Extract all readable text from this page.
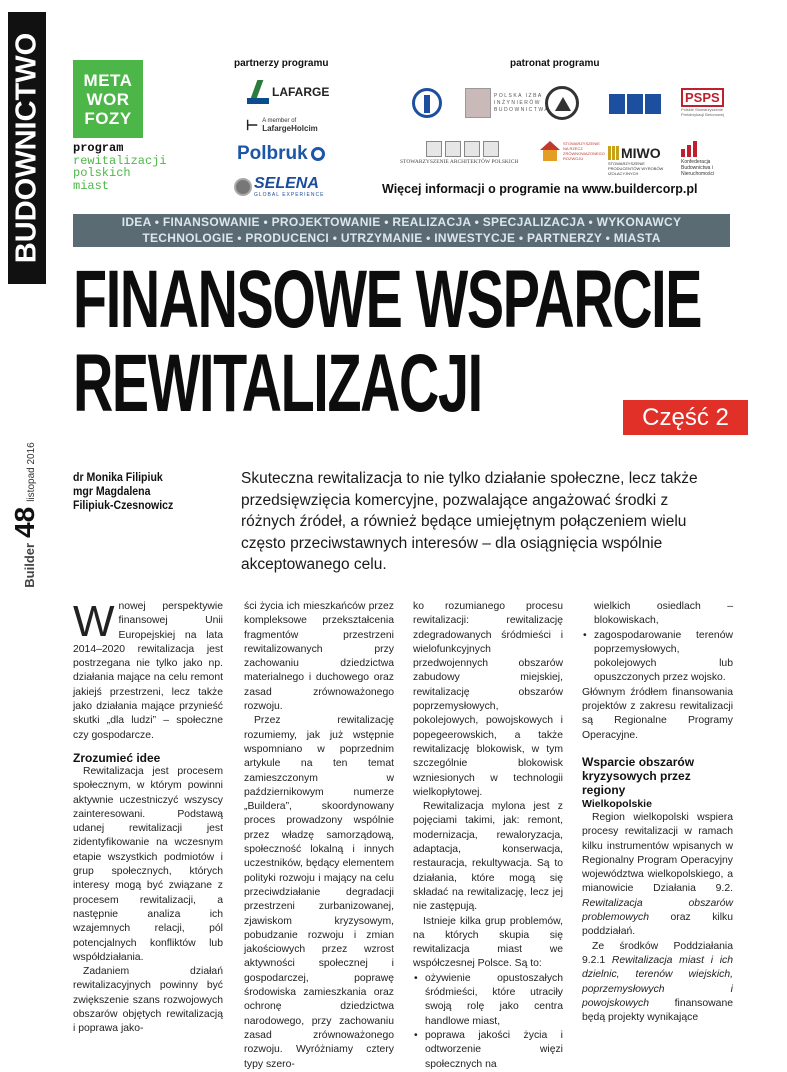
BUDOWNICTWO
Builder
48
listopad 2016
META
WOR
FOZY
program
rewitalizacji
polskich
miast
partnerzy programu
LAFARGE
⊢ A member of
LafargeHolcim
Polbruk
SELENA
GLOBAL EXPERIENCE
patronat programu
POLSKA IZBA INŻYNIERÓW BUDOWNICTWA
PSPS
Polskie Stowarzyszenie Prefabrykacji Betonowej
STOWARZYSZENIE ARCHITEKTÓW POLSKICH
STOWARZYSZENIE NA RZECZ ZRÓWNOWAŻONEGO ROZWOJU	MIWO
STOWARZYSZENIE PRODUCENTÓW WYROBÓW IZOLACYJNYCH
Konfederacja Budownictwa i Nieruchomości
Więcej informacji o programie na www.buildercorp.pl
IDEA • FINANSOWANIE • PROJEKTOWANIE • REALIZACJA • SPECJALIZACJA • WYKONAWCY
TECHNOLOGIE • PRODUCENCI • UTRZYMANIE • INWESTYCJE • PARTNERZY • MIASTA
FINANSOWE WSPARCIE
REWITALIZACJI	Część 2
dr Monika Filipiuk
mgr Magdalena
Filipiuk-Czesnowicz
Skuteczna rewitalizacja to nie tylko działanie społeczne, lecz także przedsięwzięcia komercyjne, pozwalające angażować środki z różnych źródeł, a również będące umiejętnym połączeniem wielu często przeciwstawnych interesów – dla osiągnięcia wspólnie akceptowanego celu.

Wnowej perspektywie finansowej Unii Europejskiej na lata 2014–2020 rewitalizacja jest postrzegana nie tylko jako np. działania mające na celu remont jakiejś przestrzeni, lecz także jako działania mające przynieść skutki „dla ludzi” – społeczne czy gospodarcze.

Zrozumieć idee

Rewitalizacja jest procesem społecznym, w którym powinni aktywnie uczestniczyć wszyscy zainteresowani. Podstawą udanej rewitalizacji jest zidentyfikowanie na wczesnym etapie wszystkich podmiotów i grup społecznych, których interesy mogą być związane z procesem rewitalizacji, a następnie analiza ich wzajemnych relacji, pól potencjalnych konfliktów lub współdziałania.

Zadaniem działań rewitalizacyjnych powinny być zwiększenie szans rozwojowych obszarów objętych rewitalizacją i poprawa jako-

ści życia ich mieszkańców przez kompleksowe przekształcenia fragmentów przestrzeni rewitalizowanych przy zachowaniu dziedzictwa materialnego i duchowego oraz zasad zrównoważonego rozwoju.

Przez rewitalizację rozumiemy, jak już wstępnie wspomniano w poprzednim artykule na ten temat zamieszczonym w październikowym numerze „Buildera”, skoordynowany proces prowadzony wspólnie przez władzę samorządową, społeczność lokalną i innych uczestników, będący elementem polityki rozwoju i mający na celu przeciwdziałanie degradacji przestrzeni zurbanizowanej, zjawiskom kryzysowym, pobudzanie rozwoju i zmian jakościowych przez wzrost aktywności społecznej i gospodarczej, poprawę środowiska zamieszkania oraz ochronę dziedzictwa narodowego, przy zachowaniu zasad zrównoważonego rozwoju. Wyróżniamy cztery typy szero-

ko rozumianego procesu rewitalizacji: rewitalizację zdegradowanych śródmieści i wielofunkcyjnych przedwojennych obszarów zabudowy miejskiej, rewitalizację obszarów poprzemysłowych, pokolejowych, powojskowych i popegeerowskich, a także rewitalizację blokowisk, w tym szczególnie blokowisk wzniesionych w technologii wielkopłytowej.

Rewitalizacja mylona jest z pojęciami takimi, jak: remont, modernizacja, rewaloryzacja, adaptacja, konserwacja, restauracja, rekultywacja. Są to działania, które mogą się składać na rewitalizację, lecz jej nie zastępują.

Istnieje kilka grup problemów, na których skupia się rewitalizacja miast we współczesnej Polsce. Są to:

• ożywienie opustoszałych śródmieści, które utraciły swoją rolę jako centra handlowe miast,
• poprawa jakości życia i odtworzenie więzi społecznych na

wielkich osiedlach – blokowiskach,

• zagospodarowanie terenów poprzemysłowych, pokolejowych lub opuszczonych przez wojsko.

Głównym źródłem finansowania projektów z zakresu rewitalizacji są Regionalne Programy Operacyjne.

Wsparcie obszarów kryzysowych przez regiony
Wielkopolskie

Region wielkopolski wspiera procesy rewitalizacji w ramach kilku instrumentów wpisanych w Regionalny Program Operacyjny województwa wielkopolskiego, a mianowicie Działania 9.2. Rewitalizacja obszarów problemowych oraz kilku poddziałań.

Ze środków Poddziałania 9.2.1 Rewitalizacja miast i ich dzielnic, terenów wiejskich, poprzemysłowych i powojskowych finansowane będą projekty wynikające
